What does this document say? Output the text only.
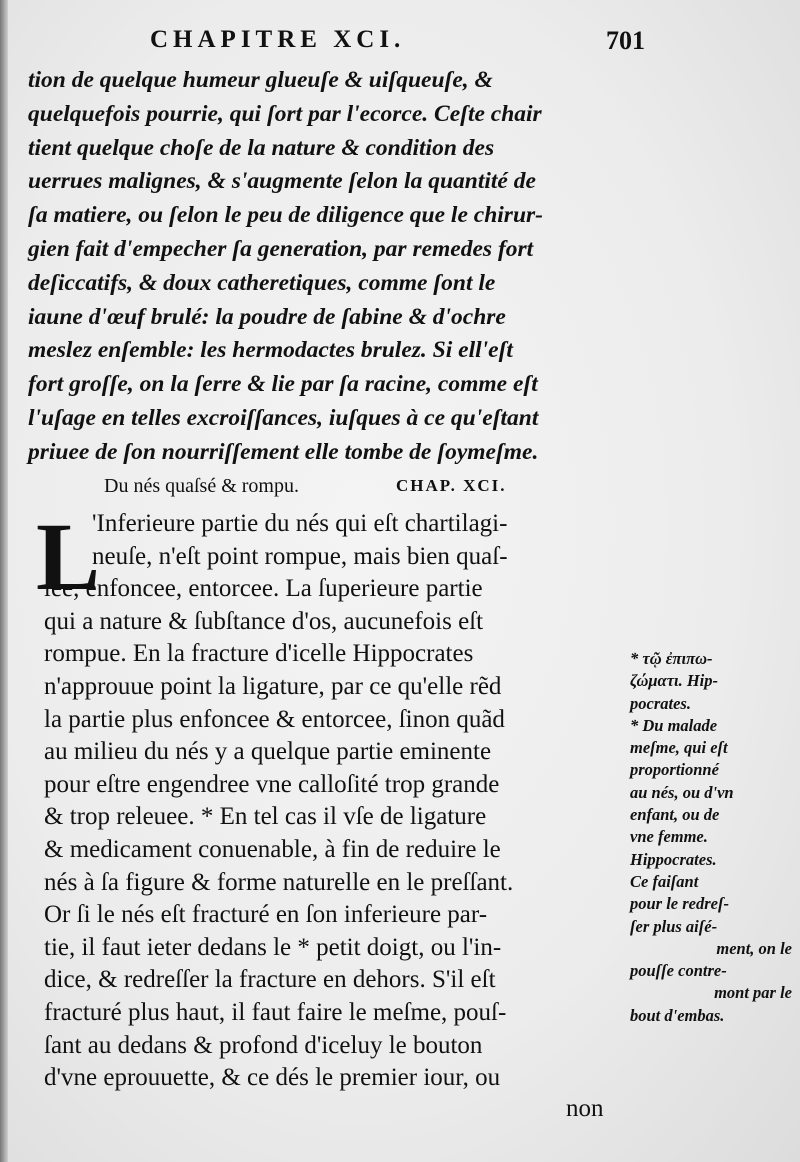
CHAPITRE XCI.	701
tion de quelque humeur glueuſe & uiſqueuſe, &
quelquefois pourrie, qui ſort par l'ecorce. Ceſte chair
tient quelque choſe de la nature & condition des
uerrues malignes, & s'augmente ſelon la quantité de
ſa matiere, ou ſelon le peu de diligence que le chirur-
gien fait d'empecher ſa generation, par remedes fort
deſiccatifs, & doux catheretiques, comme ſont le
iaune d'œuf brulé: la poudre de ſabine & d'ochre
meslez enſemble: les hermodactes brulez. Si ell'eſt
fort groſſe, on la ſerre & lie par ſa racine, comme eſt
l'uſage en telles excroiſſances, iuſques à ce qu'eſtant
priuee de ſon nourriſſement elle tombe de ſoymeſme.
Du nés quaſsé & rompu.	CHAP. XCI.
L
'Inferieure partie du nés qui eſt chartilagi-
neuſe, n'eſt point rompue, mais bien quaſ-
ſee, enfoncee, entorcee. La ſuperieure partie
qui a nature & ſubſtance d'os, aucunefois eſt
rompue. En la fracture d'icelle Hippocrates
n'approuue point la ligature, par ce qu'elle rẽd
la partie plus enfoncee & entorcee, ſinon quãd
au milieu du nés y a quelque partie eminente
pour eſtre engendree vne calloſité trop grande
& trop releuee. * En tel cas il vſe de ligature
& medicament conuenable, à fin de reduire le
nés à ſa figure & forme naturelle en le preſſant.
Or ſi le nés eſt fracturé en ſon inferieure par-
tie, il faut ieter dedans le * petit doigt, ou l'in-
dice, & redreſſer la fracture en dehors. S'il eſt
fracturé plus haut, il faut faire le meſme, pouſ-
ſant au dedans & profond d'iceluy le bouton
d'vne eprouuette, & ce dés le premier iour, ou
non
* τῷ ἐπιπω-
ζώματι. Hip-
pocrates.
* Du malade
meſme, qui eſt
proportionné
au nés, ou d'vn
enfant, ou de
vne femme.
Hippocrates.
Ce faiſant
pour le redreſ-
ſer plus aiſé-
ment, on le
pouſſe contre-
mont par le
bout d'embas.
